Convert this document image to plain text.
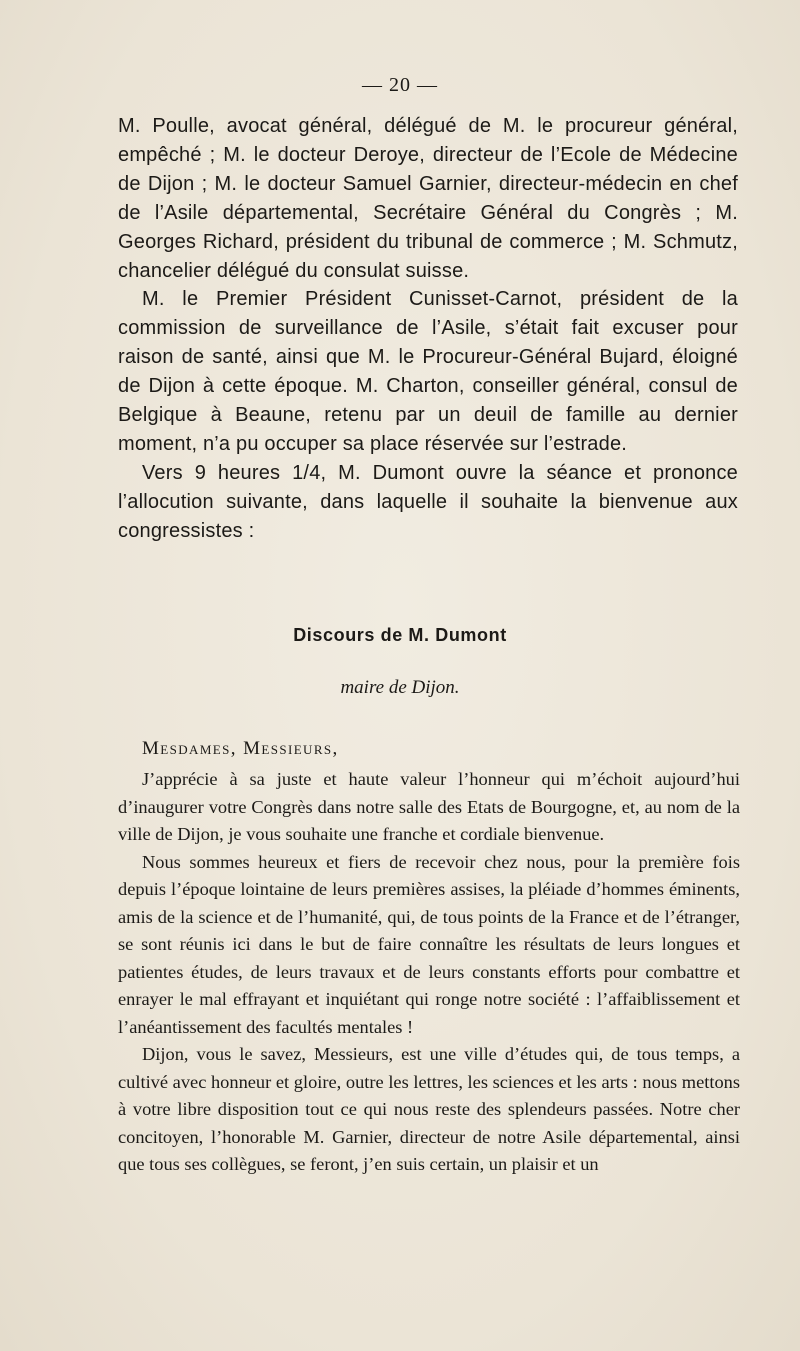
— 20 —

M. Poulle, avocat général, délégué de M. le procureur général, empêché ; M. le docteur Deroye, directeur de l’Ecole de Médecine de Dijon ; M. le docteur Samuel Garnier, directeur-médecin en chef de l’Asile départemental, Secrétaire Général du Congrès ; M. Georges Richard, président du tribunal de commerce ; M. Schmutz, chancelier délégué du consulat suisse.

M. le Premier Président Cunisset-Carnot, président de la commission de surveillance de l’Asile, s’était fait excuser pour raison de santé, ainsi que M. le Procureur-Général Bujard, éloigné de Dijon à cette époque. M. Charton, conseiller général, consul de Belgique à Beaune, retenu par un deuil de famille au dernier moment, n’a pu occuper sa place réservée sur l’estrade.

Vers 9 heures 1/4, M. Dumont ouvre la séance et prononce l’allocution suivante, dans laquelle il souhaite la bienvenue aux congressistes :

Discours de M. Dumont
maire de Dijon.
Mesdames, Messieurs,

J’apprécie à sa juste et haute valeur l’honneur qui m’échoit aujourd’hui d’inaugurer votre Congrès dans notre salle des Etats de Bourgogne, et, au nom de la ville de Dijon, je vous souhaite une franche et cordiale bienvenue.

Nous sommes heureux et fiers de recevoir chez nous, pour la première fois depuis l’époque lointaine de leurs premières assises, la pléiade d’hommes éminents, amis de la science et de l’humanité, qui, de tous points de la France et de l’étranger, se sont réunis ici dans le but de faire connaître les résultats de leurs longues et patientes études, de leurs travaux et de leurs constants efforts pour combattre et enrayer le mal effrayant et inquiétant qui ronge notre société : l’affaiblissement et l’anéantissement des facultés mentales !

Dijon, vous le savez, Messieurs, est une ville d’études qui, de tous temps, a cultivé avec honneur et gloire, outre les lettres, les sciences et les arts : nous mettons à votre libre disposition tout ce qui nous reste des splendeurs passées. Notre cher concitoyen, l’honorable M. Garnier, directeur de notre Asile départemental, ainsi que tous ses collègues, se feront, j’en suis certain, un plaisir et un
